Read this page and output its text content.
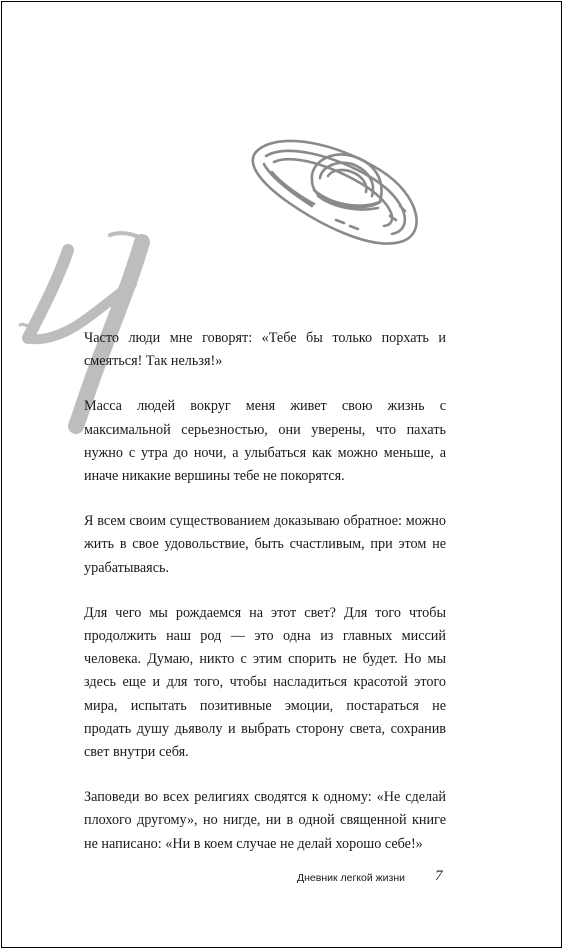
Часто люди мне говорят: «Тебе бы только порхать и смеяться! Так нельзя!»

Масса людей вокруг меня живет свою жизнь с максимальной серьезностью, они уверены, что пахать нужно с утра до ночи, а улыбаться как можно меньше, а иначе никакие вершины тебе не покорятся.

Я всем своим существованием доказываю обратное: можно жить в свое удовольствие, быть счастливым, при этом не урабатываясь.

Для чего мы рождаемся на этот свет? Для того чтобы продолжить наш род — это одна из главных миссий человека. Думаю, никто с этим спорить не будет. Но мы здесь еще и для того, чтобы насладиться красотой этого мира, испытать позитивные эмоции, постараться не продать душу дьяволу и выбрать сторону света, сохранив свет внутри себя.

Заповеди во всех религиях сводятся к одному: «Не сделай плохого другому», но нигде, ни в одной священной книге не написано: «Ни в коем случае не делай хорошо себе!»

Дневник легкой жизни 7
